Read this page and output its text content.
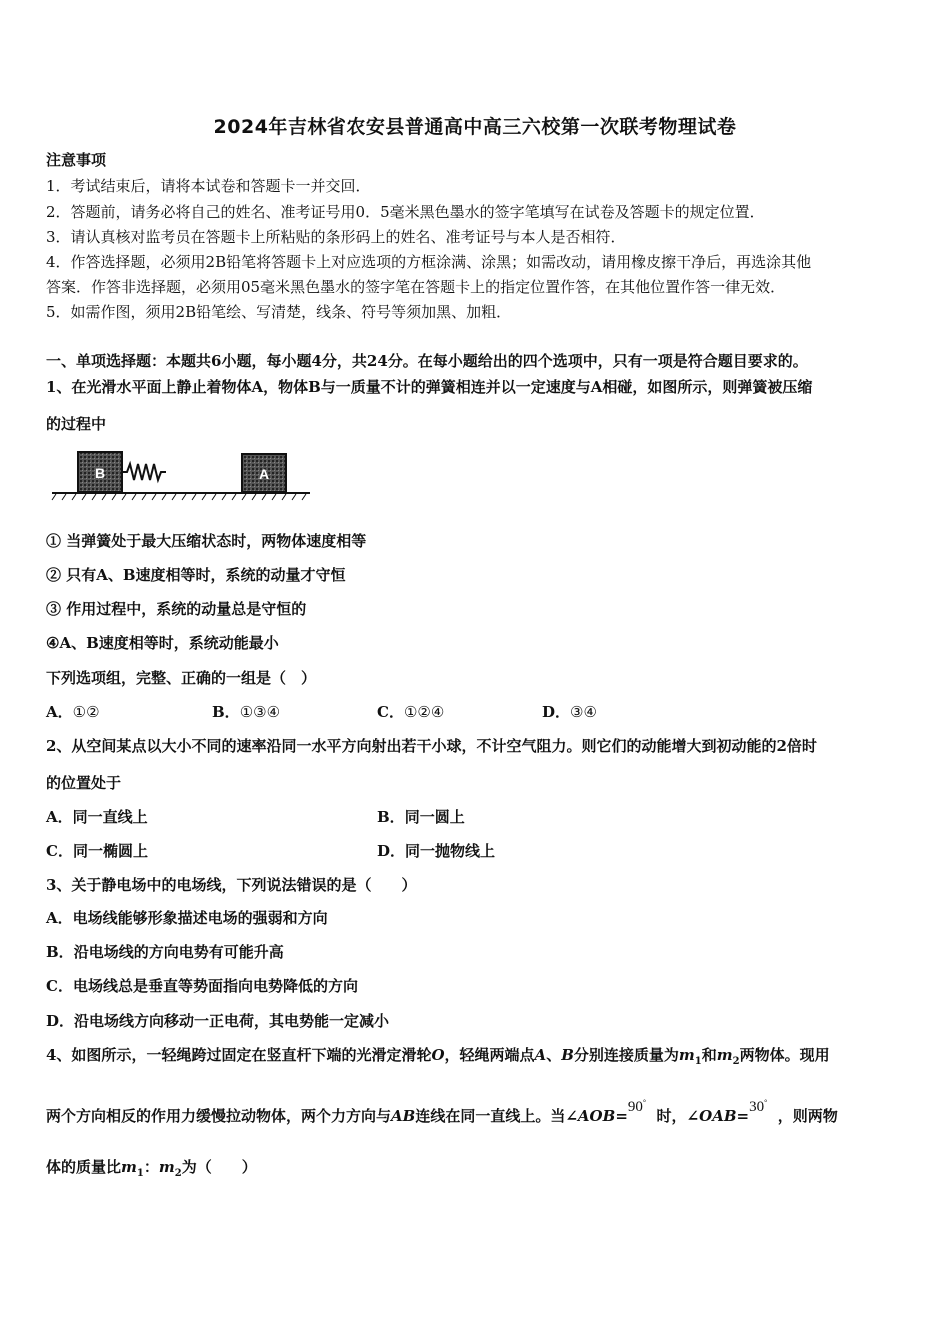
2024年吉林省农安县普通高中高三六校第一次联考物理试卷
注意事项
1．考试结束后，请将本试卷和答题卡一并交回．
2．答题前，请务必将自己的姓名、准考证号用0．5毫米黑色墨水的签字笔填写在试卷及答题卡的规定位置．
3．请认真核对监考员在答题卡上所粘贴的条形码上的姓名、准考证号与本人是否相符．
4．作答选择题，必须用2B铅笔将答题卡上对应选项的方框涂满、涂黑；如需改动，请用橡皮擦干净后，再选涂其他
答案．作答非选择题，必须用05毫米黑色墨水的签字笔在答题卡上的指定位置作答，在其他位置作答一律无效．
5．如需作图，须用2B铅笔绘、写清楚，线条、符号等须加黑、加粗．
一、单项选择题：本题共6小题，每小题4分，共24分。在每小题给出的四个选项中，只有一项是符合题目要求的。
1、在光滑水平面上静止着物体A，物体B与一质量不计的弹簧相连并以一定速度与A相碰，如图所示，则弹簧被压缩
的过程中
B	A
① 当弹簧处于最大压缩状态时，两物体速度相等
② 只有A、B速度相等时，系统的动量才守恒
③ 作用过程中，系统的动量总是守恒的
④A、B速度相等时，系统动能最小
下列选项组，完整、正确的一组是（　）
A．①②	B．①③④	C．①②④	D．③④
2、从空间某点以大小不同的速率沿同一水平方向射出若干小球，不计空气阻力。则它们的动能增大到初动能的2倍时
的位置处于
A．同一直线上	B．同一圆上
C．同一椭圆上	D．同一抛物线上
3、关于静电场中的电场线，下列说法错误的是（　　）
A．电场线能够形象描述电场的强弱和方向
B．沿电场线的方向电势有可能升高
C．电场线总是垂直等势面指向电势降低的方向
D．沿电场线方向移动一正电荷，其电势能一定减小
4、如图所示，一轻绳跨过固定在竖直杆下端的光滑定滑轮O，轻绳两端点A、B分别连接质量为$m_1$和$m_2$两物体。现用
两个方向相反的作用力缓慢拉动物体，两个力方向与AB连线在同一直线上。当∠AOB=90°  时，∠OAB=30°  ，则两物
体的质量比$m_1$：$m_2$为（　　）
